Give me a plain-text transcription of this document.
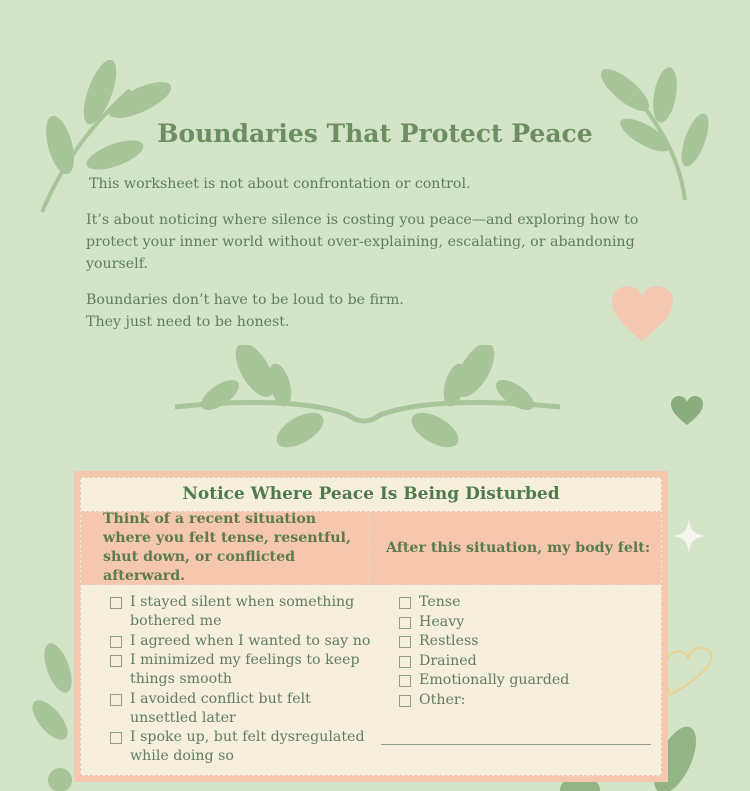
Boundaries That Protect Peace

This worksheet is not about confrontation or control.

It’s about noticing where silence is costing you peace—and exploring how to protect your inner world without over-explaining, escalating, or abandoning yourself.

Boundaries don’t have to be loud to be firm.

They just need to be honest.

Notice Where Peace Is Being Disturbed
Think of a recent situation where you felt tense, resentful, shut down, or conflicted afterward.
After this situation, my body felt:
I stayed silent when something bothered me
I agreed when I wanted to say no
I minimized my feelings to keep things smooth
I avoided conflict but felt unsettled later
I spoke up, but felt dysregulated while doing so
Tense
Heavy
Restless
Drained
Emotionally guarded
Other:
